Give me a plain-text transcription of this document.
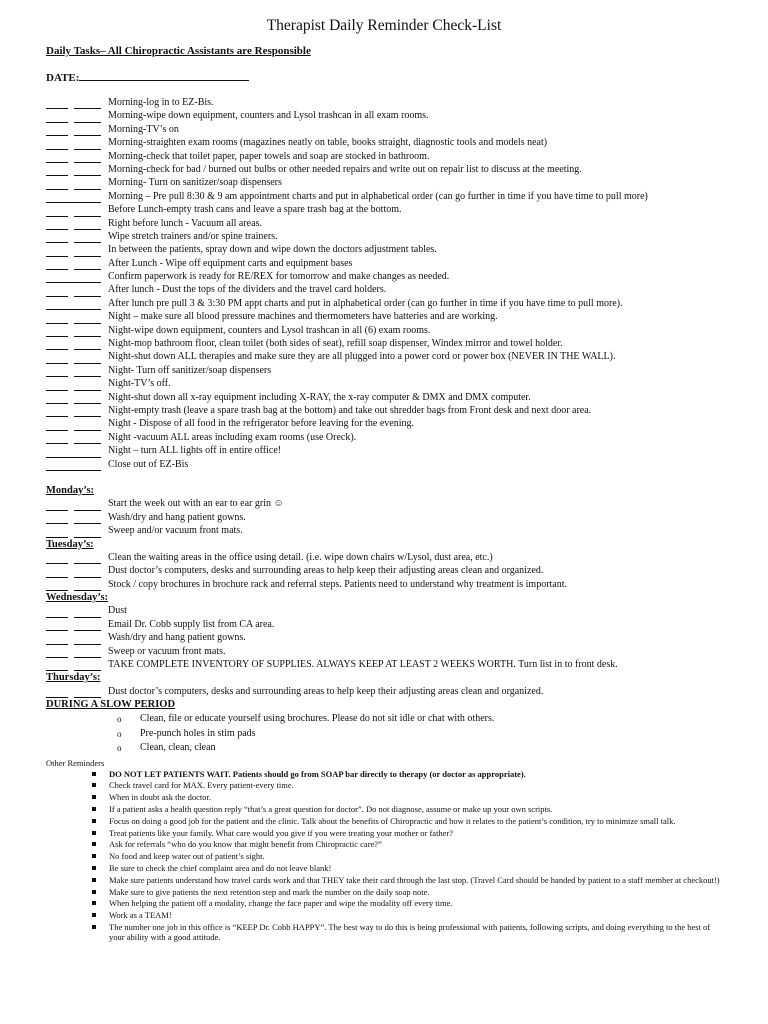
Therapist Daily Reminder Check-List
Daily Tasks– All Chiropractic Assistants are Responsible
DATE:
Morning-log in to EZ-Bis.
Morning-wipe down equipment, counters and Lysol trashcan in all exam rooms.
Morning-TV’s on
Morning-straighten exam rooms (magazines neatly on table, books straight, diagnostic tools and models neat)
Morning-check that toilet paper, paper towels and soap are stocked in bathroom.
Morning-check for bad / burned out bulbs or other needed repairs and write out on repair list to discuss at the meeting.
Morning- Turn on sanitizer/soap dispensers
Morning – Pre pull 8:30 & 9 am appointment charts and put in alphabetical order (can go further in time if you have time to pull more)
Before Lunch-empty trash cans and leave a spare trash bag at the bottom.
Right before lunch - Vacuum all areas.
Wipe stretch trainers and/or spine trainers.
In between the patients, spray down and wipe down the doctors adjustment tables.
After Lunch - Wipe off equipment carts and equipment bases
Confirm paperwork is ready for RE/REX for tomorrow and make changes as needed.
After lunch - Dust the tops of the dividers and the travel card holders.
After lunch pre pull 3 & 3:30 PM appt charts and put in alphabetical order (can go further in time if you have time to pull more).
Night – make sure all blood pressure machines and thermometers have batteries and are working.
Night-wipe down equipment, counters and Lysol trashcan in all (6) exam rooms.
Night-mop bathroom floor, clean toilet (both sides of seat), refill soap dispenser, Windex mirror and towel holder.
Night-shut down ALL therapies and make sure they are all plugged into a power cord or power box (NEVER IN THE WALL).
Night- Turn off sanitizer/soap dispensers
Night-TV’s off.
Night-shut down all x-ray equipment including X-RAY, the x-ray computer & DMX and DMX computer.
Night-empty trash (leave a spare trash bag at the bottom) and take out shredder bags from Front desk and next door area.
Night - Dispose of all food in the refrigerator before leaving for the evening.
Night -vacuum ALL areas including exam rooms (use Oreck).
Night – turn ALL lights off in entire office!
Close out of EZ-Bis
Monday’s:
Start the week out with an ear to ear grin ☺
Wash/dry and hang patient gowns.
Sweep and/or vacuum front mats.
Tuesday’s:
Clean the waiting areas in the office using detail. (i.e. wipe down chairs w/Lysol, dust area, etc.)
Dust doctor’s computers, desks and surrounding areas to help keep their adjusting areas clean and organized.
Stock / copy brochures in brochure rack and referral steps. Patients need to understand why treatment is important.
Wednesday’s:
Dust
Email Dr. Cobb supply list from CA area.
Wash/dry and hang patient gowns.
Sweep or vacuum front mats.
TAKE COMPLETE INVENTORY OF SUPPLIES. ALWAYS KEEP AT LEAST 2 WEEKS WORTH. Turn list in to front desk.
Thursday’s:
Dust doctor’s computers, desks and surrounding areas to help keep their adjusting areas clean and organized.
DURING A SLOW PERIOD
o Clean, file or educate yourself using brochures. Please do not sit idle or chat with others.
o Pre-punch holes in stim pads
o Clean, clean, clean
Other Reminders
DO NOT LET PATIENTS WAIT. Patients should go from SOAP bar directly to therapy (or doctor as appropriate).
Check travel card for MAX. Every patient-every time.
When in doubt ask the doctor.
If a patient asks a health question reply “that’s a great question for doctor”. Do not diagnose, assume or make up your own scripts.
Focus on doing a good job for the patient and the clinic. Talk about the benefits of Chiropractic and how it relates to the patient’s condition, try to minimize small talk.
Treat patients like your family. What care would you give if you were treating your mother or father?
Ask for referrals “who do you know that might benefit from Chiropractic care?”
No food and keep water out of patient’s sight.
Be sure to check the chief complaint area and do not leave blank!
Make sure patients understand how travel cards work and that THEY take their card through the last stop. (Travel Card should be handed by patient to a staff member at checkout!)
Make sure to give patients the next retention step and mark the number on the daily soap note.
When helping the patient off a modality, change the face paper and wipe the modality off every time.
Work as a TEAM!
The number one job in this office is “KEEP Dr. Cobb HAPPY”. The best way to do this is being professional with patients, following scripts, and doing everything to the best of your ability with a good attitude.
